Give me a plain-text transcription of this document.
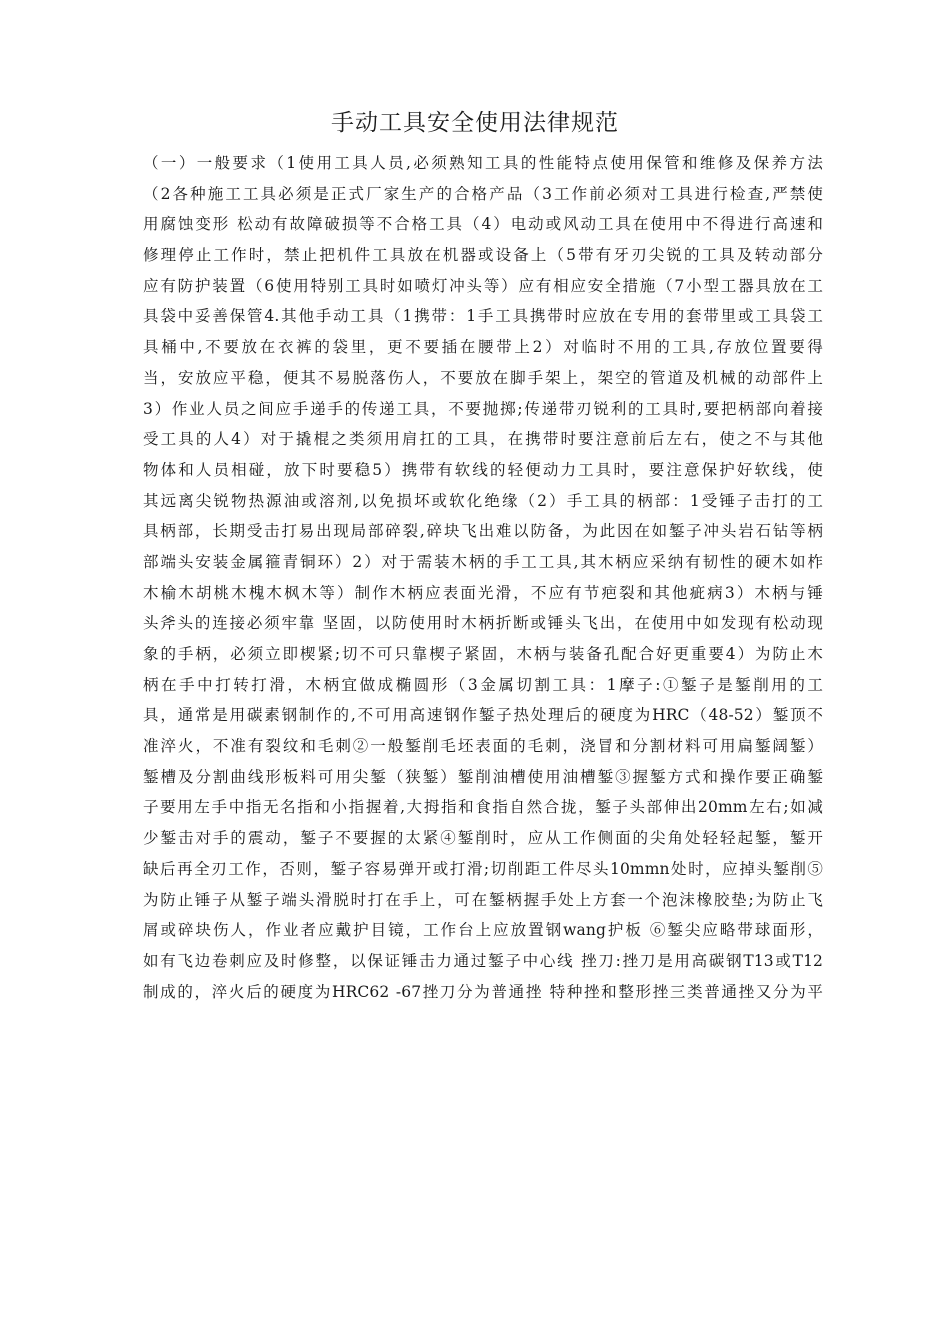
手动工具安全使用法律规范
（一）一般要求（1使用工具人员,必须熟知工具的性能特点使用保管和维修及保养方法
（2各种施工工具必须是正式厂家生产的合格产品（3工作前必须对工具进行检查,严禁使
用腐蚀变形 松动有故障破损等不合格工具（4）电动或风动工具在使用中不得进行高速和
修理停止工作时，禁止把机件工具放在机器或设备上（5带有牙刃尖锐的工具及转动部分
应有防护装置（6使用特别工具时如喷灯冲头等）应有相应安全措施（7小型工器具放在工
具袋中妥善保管4.其他手动工具（1携带：1手工具携带时应放在专用的套带里或工具袋工
具桶中,不要放在衣裤的袋里，更不要插在腰带上2）对临时不用的工具,存放位置要得
当，安放应平稳，便其不易脱落伤人，不要放在脚手架上，架空的管道及机械的动部件上
3）作业人员之间应手递手的传递工具，不要抛掷;传递带刃锐利的工具时,要把柄部向着接
受工具的人4）对于撬棍之类须用肩扛的工具，在携带时要注意前后左右，使之不与其他
物体和人员相碰，放下时要稳5）携带有软线的轻便动力工具时，要注意保护好软线，使
其远离尖锐物热源油或溶剂,以免损坏或软化绝缘（2）手工具的柄部：1受锤子击打的工
具柄部，长期受击打易出现局部碎裂,碎块飞出难以防备，为此因在如錾子冲头岩石钻等柄
部端头安装金属箍青铜环）2）对于需装木柄的手工工具,其木柄应采纳有韧性的硬木如柞
木榆木胡桃木槐木枫木等）制作木柄应表面光滑，不应有节疤裂和其他疵病3）木柄与锤
头斧头的连接必须牢靠 坚固，以防使用时木柄折断或锤头飞出，在使用中如发现有松动现
象的手柄，必须立即楔紧;切不可只靠楔子紧固，木柄与装备孔配合好更重要4）为防止木
柄在手中打转打滑，木柄宜做成椭圆形（3金属切割工具：1摩子:①錾子是錾削用的工
具，通常是用碳素钢制作的,不可用高速钢作錾子热处理后的硬度为HRC（48-52）錾顶不
准淬火，不准有裂纹和毛刺②一般錾削毛坯表面的毛刺，浇冒和分割材料可用扁錾阔錾）
錾槽及分割曲线形板料可用尖錾（狭錾）錾削油槽使用油槽錾③握錾方式和操作要正确錾
子要用左手中指无名指和小指握着,大拇指和食指自然合拢，錾子头部伸出20mm左右;如减
少錾击对手的震动，錾子不要握的太紧④錾削时，应从工作侧面的尖角处轻轻起錾，錾开
缺后再全刃工作，否则，錾子容易弹开或打滑;切削距工件尽头10mmn处时，应掉头錾削⑤
为防止锤子从錾子端头滑脱时打在手上，可在錾柄握手处上方套一个泡沫橡胶垫;为防止飞
屑或碎块伤人，作业者应戴护目镜，工作台上应放置钢wang护板 ⑥錾尖应略带球面形，
如有飞边卷刺应及时修整，以保证锤击力通过錾子中心线 挫刀:挫刀是用高碳钢T13或T12
制成的，淬火后的硬度为HRC62 -67挫刀分为普通挫 特种挫和整形挫三类普通挫又分为平
